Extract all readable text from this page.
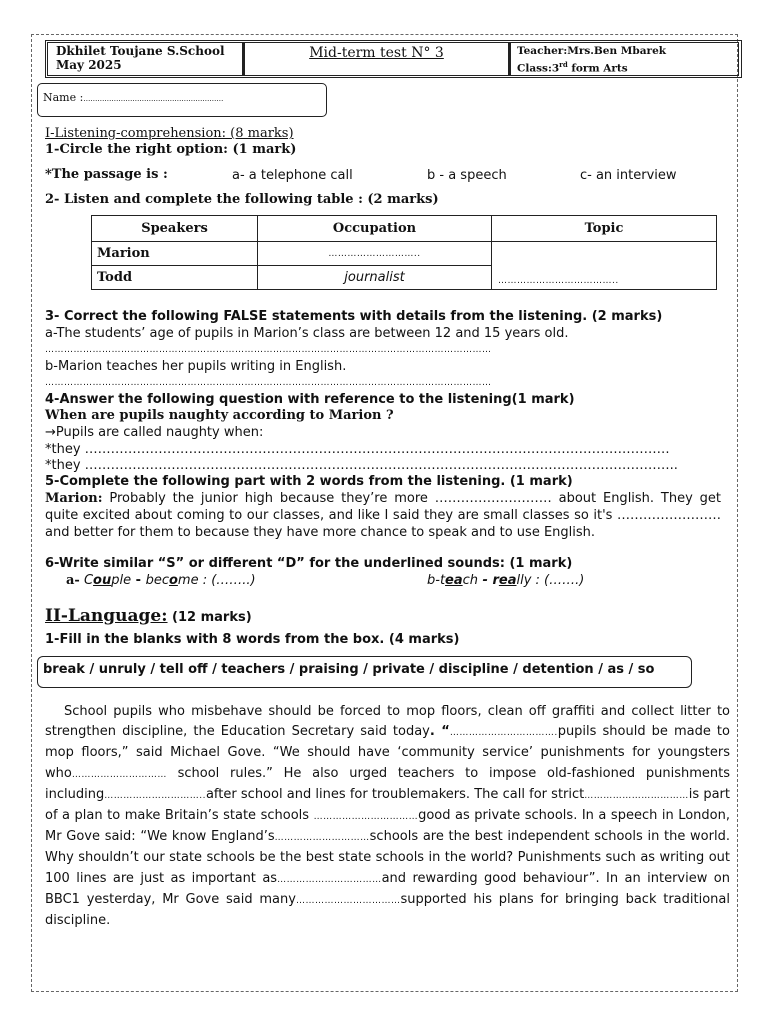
Dkhilet Toujane S.School
May 2025
Mid-term test N° 3	Teacher:Mrs.Ben Mbarek
Class:3rd form Arts
Name :……………………………………………………
I-Listening-comprehension: (8 marks)
1-Circle the right option: (1 mark)
*The passage is :	a- a telephone call	b - a speech	c- an interview
2- Listen and complete the following table : (2 marks)
Speakers	Occupation	Topic
Marion	………………………..	………………………………..
Todd	journalist	
3- Correct the following FALSE statements with details from the listening. (2 marks)
a-The students’ age of pupils in Marion’s class are between 12 and 15 years old.
……………………………………………………………………………………………………………………………
b-Marion teaches her pupils writing in English.
……………………………………………………………………………………………………………………………
4-Answer the following question with reference to the listening(1 mark)
When are pupils naughty according to Marion ?
→Pupils are called naughty when:
*they ………………………………………………………………………………………………………………………
*they ………………………………………………………………………………………………………………………..
5-Complete the following part with 2 words from the listening. (1 mark)
Marion: Probably the junior high because they’re more ……………………… about English. They get quite excited about coming to our classes, and like I said they are small classes so it's …………………… and better for them to because they have more chance to speak and to use English.
6-Write similar “S” or different “D” for the underlined sounds: (1 mark)
a- Couple - become : (……..)	b-teach - really : (…….)
II-Language: (12 marks)
1-Fill in the blanks with 8 words from the box. (4 marks)
break / unruly / tell off / teachers / praising / private / discipline / detention / as / so
School pupils who misbehave should be forced to mop floors, clean off graffiti and collect litter to strengthen discipline, the Education Secretary said today. “…………………………….pupils should be made to mop floors,” said Michael Gove. “We should have ‘community service’ punishments for youngsters who………………………… school rules.” He also urged teachers to impose old-fashioned punishments including…………………………..after school and lines for troublemakers. The call for strict……………………………is part of a plan to make Britain’s state schools ……………………………good as private schools. In a speech in London, Mr Gove said: “We know England’s…………………………schools are the best independent schools in the world. Why shouldn’t our state schools be the best state schools in the world? Punishments such as writing out 100 lines are just as important as……………………………and rewarding good behaviour”. In an interview on BBC1 yesterday, Mr Gove said many……………………………supported his plans for bringing back traditional discipline.
